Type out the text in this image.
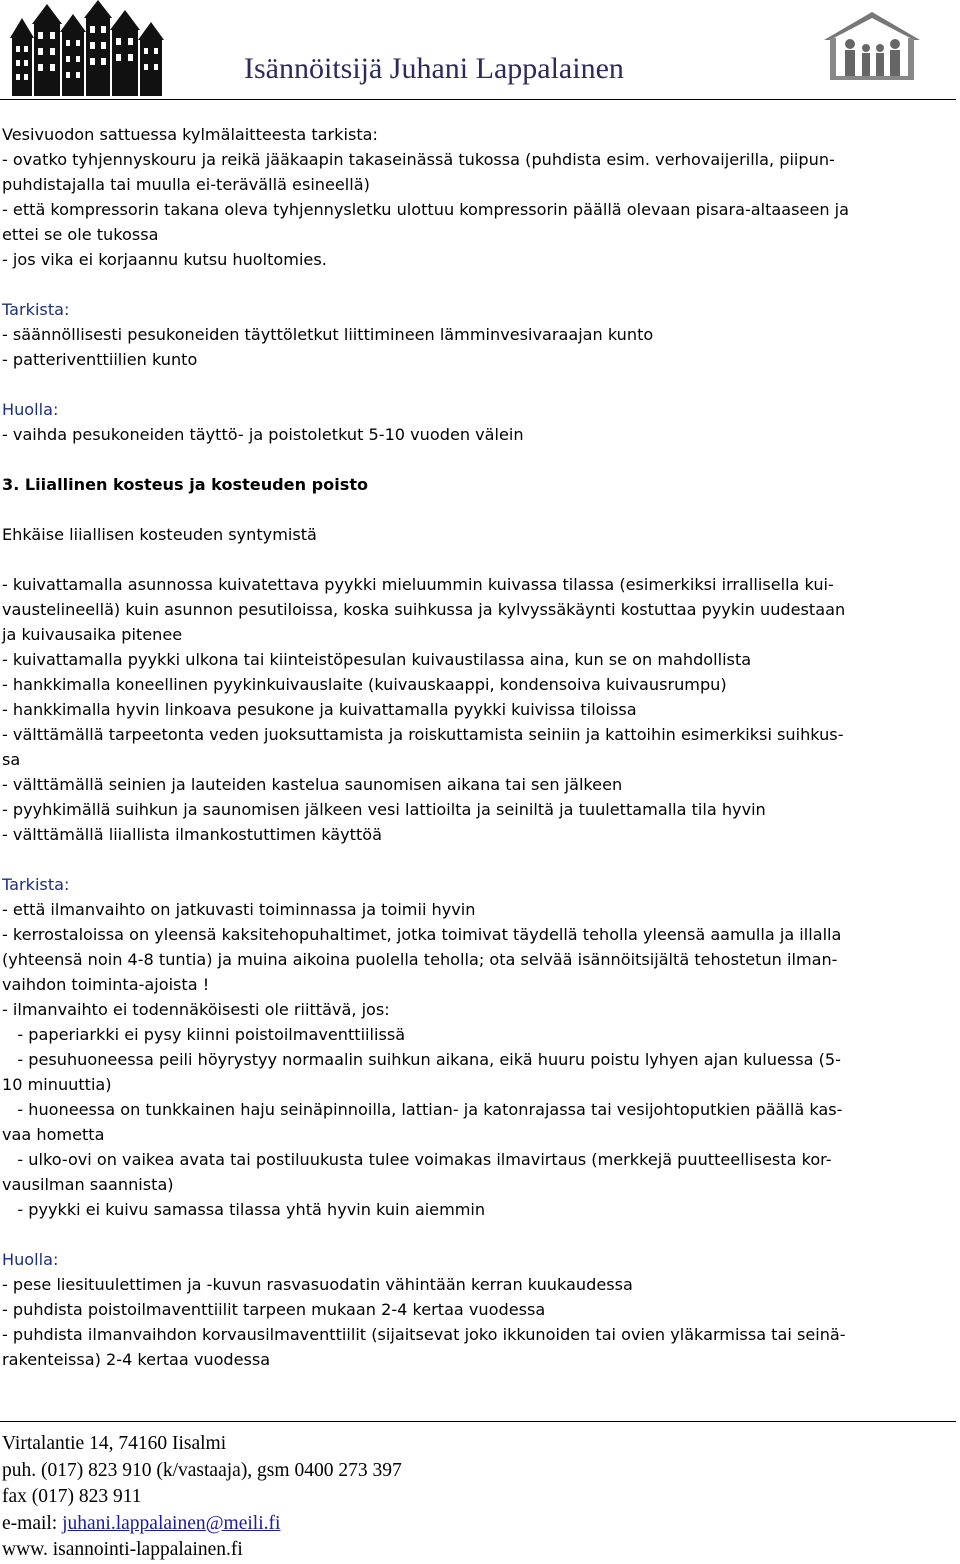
Isännöitsijä Juhani Lappalainen
Vesivuodon sattuessa kylmälaitteesta tarkista:
- ovatko tyhjennyskouru ja reikä jääkaapin takaseinässä tukossa (puhdista esim. verhovaijerilla, piipun-
puhdistajalla tai muulla ei-terävällä esineellä)
- että kompressorin takana oleva tyhjennysletku ulottuu kompressorin päällä olevaan pisara-altaaseen ja
ettei se ole tukossa
- jos vika ei korjaannu kutsu huoltomies.
Tarkista:
- säännöllisesti pesukoneiden täyttöletkut liittimineen lämminvesivaraajan kunto
- patteriventtiilien kunto
Huolla:
- vaihda pesukoneiden täyttö- ja poistoletkut 5-10 vuoden välein
3. Liiallinen kosteus ja kosteuden poisto
Ehkäise liiallisen kosteuden syntymistä
- kuivattamalla asunnossa kuivatettava pyykki mieluummin kuivassa tilassa (esimerkiksi irrallisella kui-
vaustelineellä) kuin asunnon pesutiloissa, koska suihkussa ja kylvyssäkäynti kostuttaa pyykin uudestaan
ja kuivausaika pitenee
- kuivattamalla pyykki ulkona tai kiinteistöpesulan kuivaustilassa aina, kun se on mahdollista
- hankkimalla koneellinen pyykinkuivauslaite (kuivauskaappi, kondensoiva kuivausrumpu)
- hankkimalla hyvin linkoava pesukone ja kuivattamalla pyykki kuivissa tiloissa
- välttämällä tarpeetonta veden juoksuttamista ja roiskuttamista seiniin ja kattoihin esimerkiksi suihkus-
sa
- välttämällä seinien ja lauteiden kastelua saunomisen aikana tai sen jälkeen
- pyyhkimällä suihkun ja saunomisen jälkeen vesi lattioilta ja seiniltä ja tuulettamalla tila hyvin
- välttämällä liiallista ilmankostuttimen käyttöä
Tarkista:
- että ilmanvaihto on jatkuvasti toiminnassa ja toimii hyvin
- kerrostaloissa on yleensä kaksitehopuhaltimet, jotka toimivat täydellä teholla yleensä aamulla ja illalla
(yhteensä noin 4-8 tuntia) ja muina aikoina puolella teholla; ota selvää isännöitsijältä tehostetun ilman-
vaihdon toiminta-ajoista !
- ilmanvaihto ei todennäköisesti ole riittävä, jos:
- paperiarkki ei pysy kiinni poistoilmaventtiilissä
- pesuhuoneessa peili höyrystyy normaalin suihkun aikana, eikä huuru poistu lyhyen ajan kuluessa (5-
10 minuuttia)
- huoneessa on tunkkainen haju seinäpinnoilla, lattian- ja katonrajassa tai vesijohtoputkien päällä kas-
vaa hometta
- ulko-ovi on vaikea avata tai postiluukusta tulee voimakas ilmavirtaus (merkkejä puutteellisesta kor-
vausilman saannista)
- pyykki ei kuivu samassa tilassa yhtä hyvin kuin aiemmin
Huolla:
- pese liesituulettimen ja -kuvun rasvasuodatin vähintään kerran kuukaudessa
- puhdista poistoilmaventtiilit tarpeen mukaan 2-4 kertaa vuodessa
- puhdista ilmanvaihdon korvausilmaventtiilit (sijaitsevat joko ikkunoiden tai ovien yläkarmissa tai seinä-
rakenteissa) 2-4 kertaa vuodessa
Virtalantie 14, 74160 Iisalmi
puh. (017) 823 910 (k/vastaaja), gsm 0400 273 397
fax (017) 823 911
e-mail: juhani.lappalainen@meili.fi
www. isannointi-lappalainen.fi
